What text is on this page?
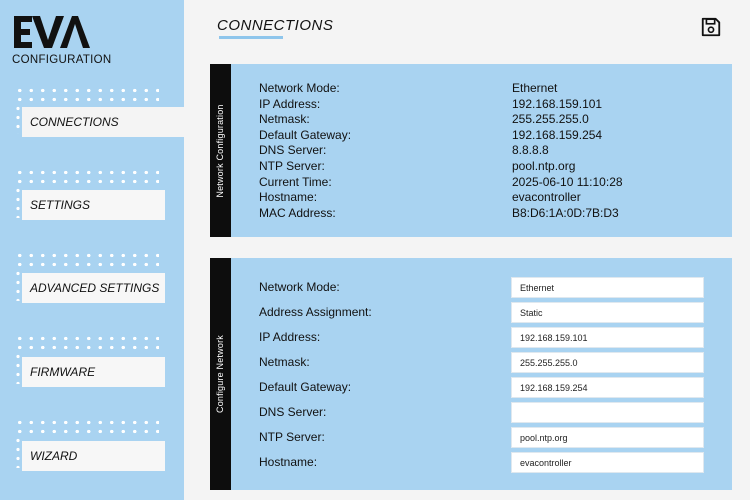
CONFIGURATION
CONNECTIONS
SETTINGS
ADVANCED SETTINGS
FIRMWARE
WIZARD
CONNECTIONS
Network Configuration
Network Mode:	Ethernet
IP Address:	192.168.159.101
Netmask:	255.255.255.0
Default Gateway:	192.168.159.254
DNS Server:	8.8.8.8
NTP Server:	pool.ntp.org
Current Time:	2025-06-10 11:10:28
Hostname:	evacontroller
MAC Address:	B8:D6:1A:0D:7B:D3
Configure Network
Network Mode:	Ethernet
Address Assignment:	Static
IP Address:	192.168.159.101
Netmask:	255.255.255.0
Default Gateway:	192.168.159.254
DNS Server:
NTP Server:	pool.ntp.org
Hostname:	evacontroller
